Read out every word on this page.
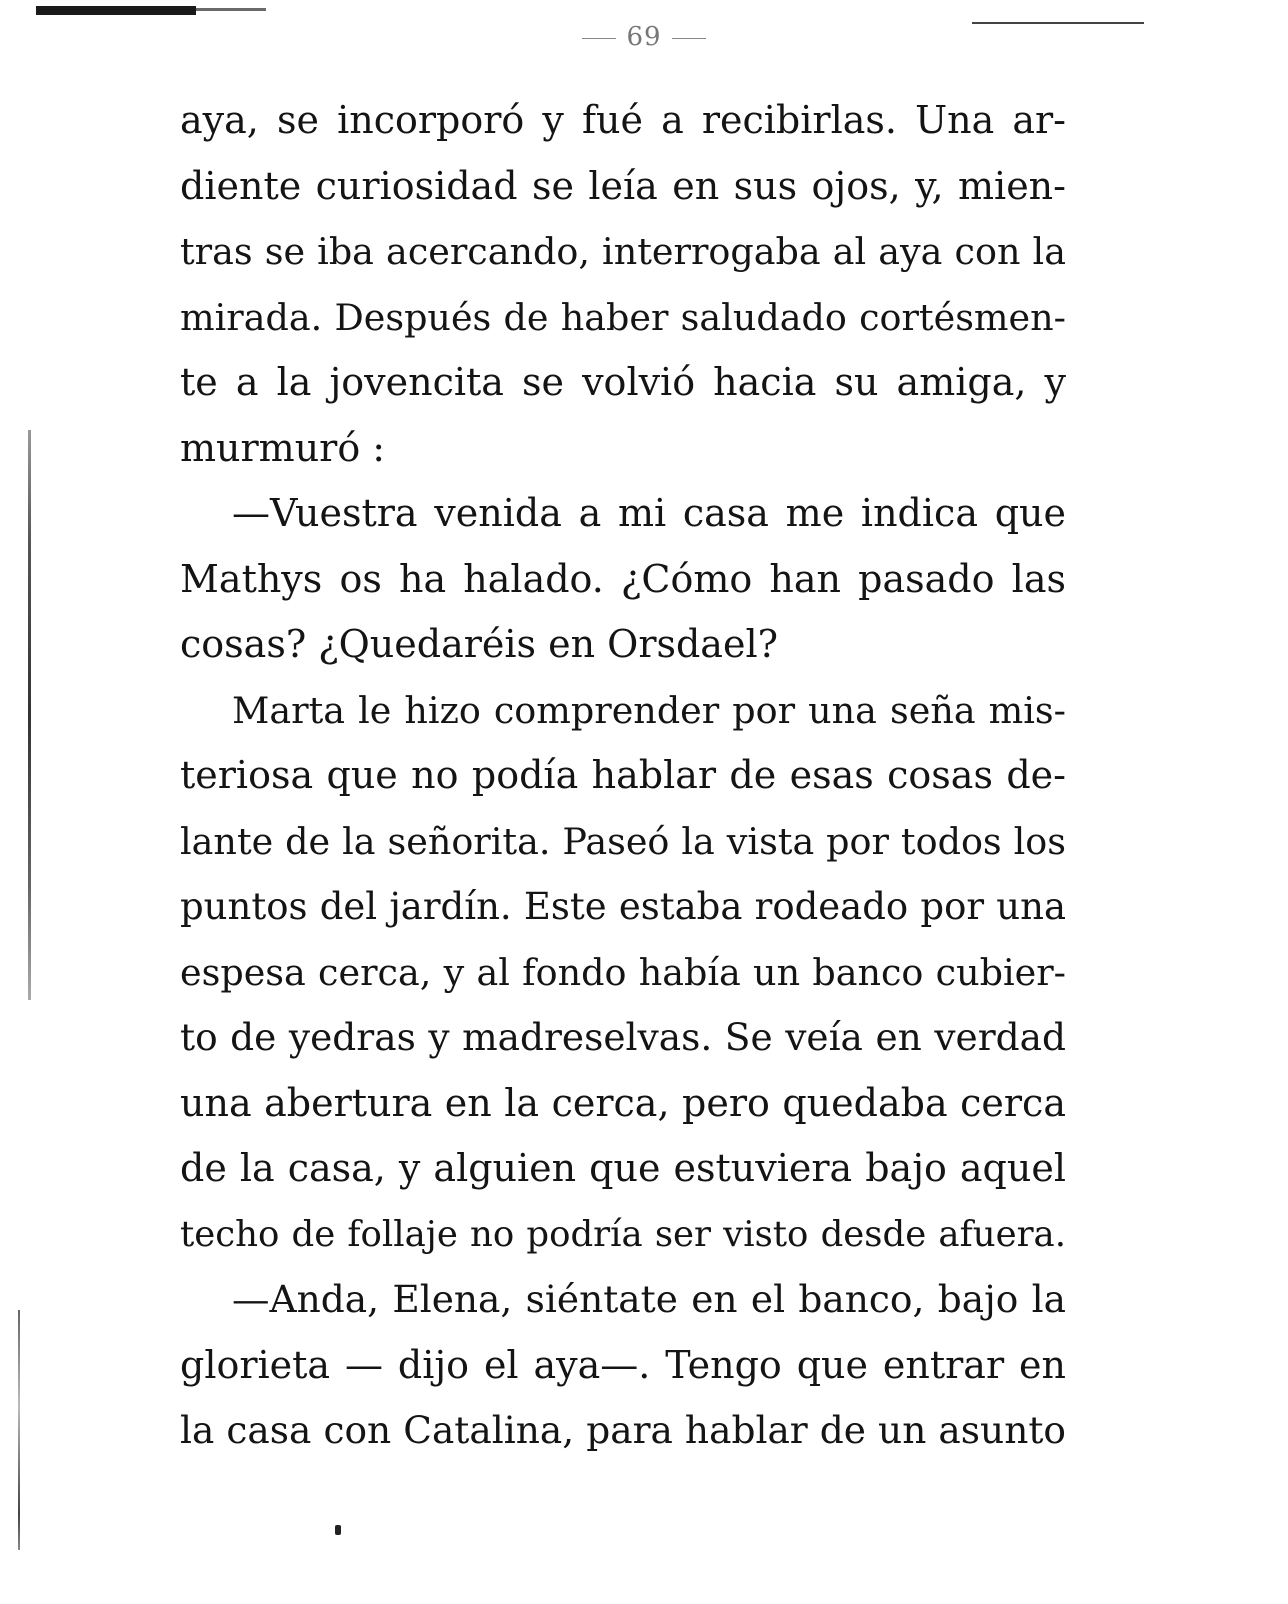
69
aya, se incorporó y fué a recibirlas. Una ar-
diente curiosidad se leía en sus ojos, y, mien-
tras se iba acercando, interrogaba al aya con la
mirada. Después de haber saludado cortésmen-
te a la jovencita se volvió hacia su amiga, y
murmuró :
—Vuestra venida a mi casa me indica que
Mathys os ha halado. ¿Cómo han pasado las
cosas? ¿Quedaréis en Orsdael?
Marta le hizo comprender por una seña mis-
teriosa que no podía hablar de esas cosas de-
lante de la señorita. Paseó la vista por todos los
puntos del jardín. Este estaba rodeado por una
espesa cerca, y al fondo había un banco cubier-
to de yedras y madreselvas. Se veía en verdad
una abertura en la cerca, pero quedaba cerca
de la casa, y alguien que estuviera bajo aquel
techo de follaje no podría ser visto desde afuera.
—Anda, Elena, siéntate en el banco, bajo la
glorieta — dijo el aya—. Tengo que entrar en
la casa con Catalina, para hablar de un asunto
